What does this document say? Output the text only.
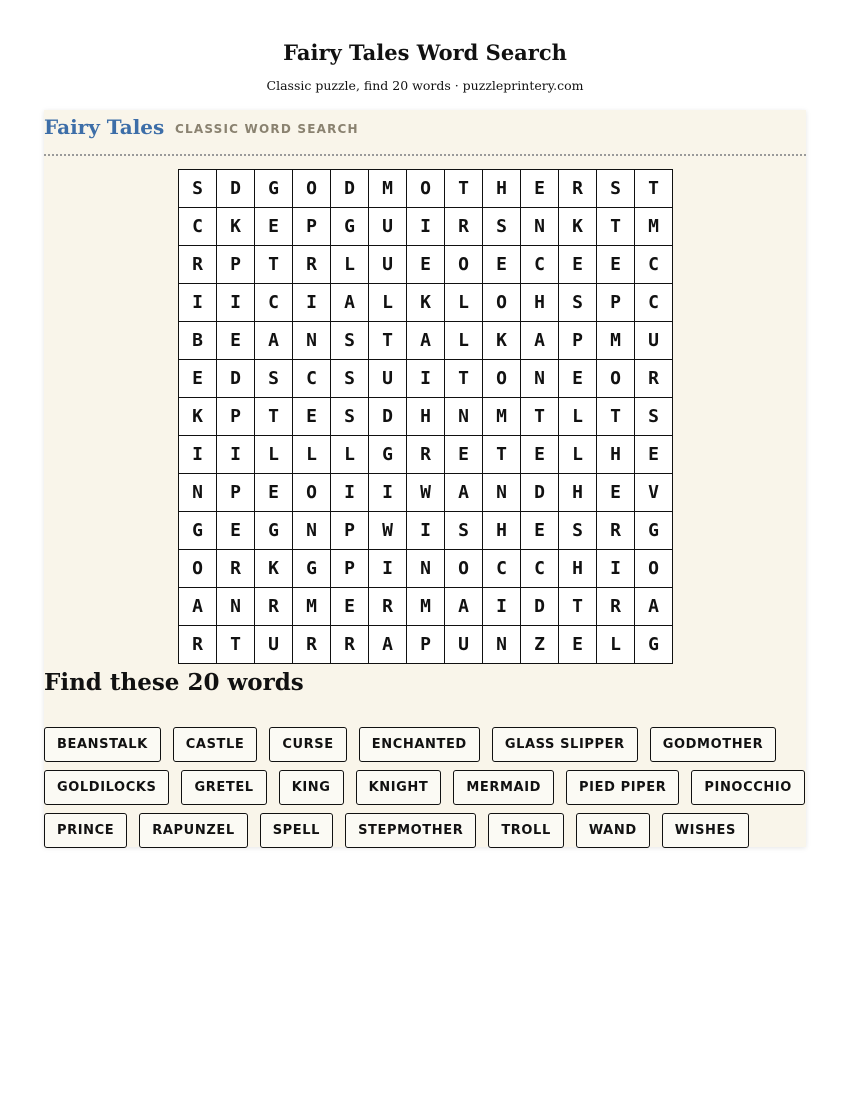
Fairy Tales Word Search
Classic puzzle, find 20 words · puzzleprintery.com
Fairy Tales CLASSIC WORD SEARCH
S	D	G	O	D	M	O	T	H	E	R	S	T
C	K	E	P	G	U	I	R	S	N	K	T	M
R	P	T	R	L	U	E	O	E	C	E	E	C
I	I	C	I	A	L	K	L	O	H	S	P	C
B	E	A	N	S	T	A	L	K	A	P	M	U
E	D	S	C	S	U	I	T	O	N	E	O	R
K	P	T	E	S	D	H	N	M	T	L	T	S
I	I	L	L	L	G	R	E	T	E	L	H	E
N	P	E	O	I	I	W	A	N	D	H	E	V
G	E	G	N	P	W	I	S	H	E	S	R	G
O	R	K	G	P	I	N	O	C	C	H	I	O
A	N	R	M	E	R	M	A	I	D	T	R	A
R	T	U	R	R	A	P	U	N	Z	E	L	G
Find these 20 words
BEANSTALK	CASTLE	CURSE	ENCHANTED	GLASS SLIPPER	GODMOTHER
GOLDILOCKS	GRETEL	KING	KNIGHT	MERMAID	PIED PIPER	PINOCCHIO
PRINCE	RAPUNZEL	SPELL	STEPMOTHER	TROLL	WAND	WISHES
